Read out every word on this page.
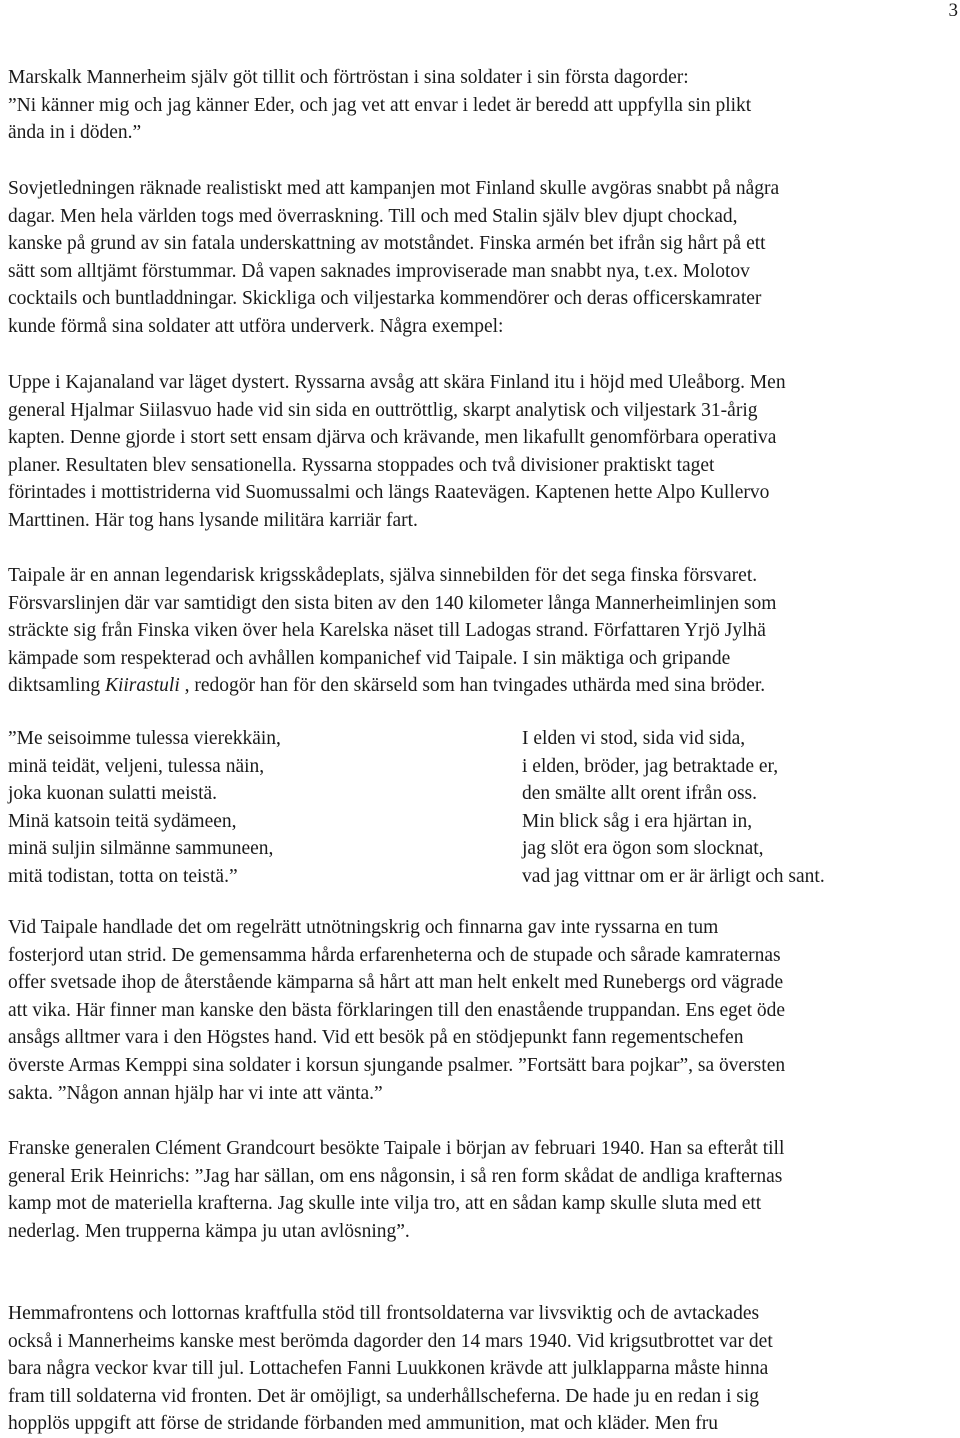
3
Marskalk Mannerheim själv göt tillit och förtröstan i sina soldater i sin första dagorder:
”Ni känner mig och jag känner Eder, och jag vet att envar i ledet är beredd att uppfylla sin plikt
ända in i döden.”
Sovjetledningen räknade realistiskt med att kampanjen mot Finland skulle avgöras snabbt på några
dagar. Men hela världen togs med överraskning. Till och med Stalin själv blev djupt chockad,
kanske på grund av sin fatala underskattning av motståndet. Finska armén bet ifrån sig hårt på ett
sätt som alltjämt förstummar. Då vapen saknades improviserade man snabbt nya, t.ex. Molotov
cocktails och buntladdningar. Skickliga och viljestarka kommendörer och deras officerskamrater
kunde förmå sina soldater att utföra underverk. Några exempel:
Uppe i Kajanaland var läget dystert. Ryssarna avsåg att skära Finland itu i höjd med Uleåborg. Men
general Hjalmar Siilasvuo hade vid sin sida en outtröttlig, skarpt analytisk och viljestark 31-årig
kapten. Denne gjorde i stort sett ensam djärva och krävande, men likafullt genomförbara operativa
planer. Resultaten blev sensationella. Ryssarna stoppades och två divisioner praktiskt taget
förintades i mottistriderna vid Suomussalmi och längs Raatevägen. Kaptenen hette Alpo Kullervo
Marttinen. Här tog hans lysande militära karriär fart.
Taipale är en annan legendarisk krigsskådeplats, själva sinnebilden för det sega finska försvaret.
Försvarslinjen där var samtidigt den sista biten av den 140 kilometer långa Mannerheimlinjen som
sträckte sig från Finska viken över hela Karelska näset till Ladogas strand. Författaren Yrjö Jylhä
kämpade som respekterad och avhållen kompanichef vid Taipale. I sin mäktiga och gripande
diktsamling Kiirastuli , redogör han för den skärseld som han tvingades uthärda med sina bröder.
”Me seisoimme tulessa vierekkäin,
minä teidät, veljeni, tulessa näin,
joka kuonan sulatti meistä.
Minä katsoin teitä sydämeen,
minä suljin silmänne sammuneen,
mitä todistan, totta on teistä.”
I elden vi stod, sida vid sida,
i elden, bröder, jag betraktade er,
den smälte allt orent ifrån oss.
Min blick såg i era hjärtan in,
jag slöt era ögon som slocknat,
vad jag vittnar om er är ärligt och sant.
Vid Taipale handlade det om regelrätt utnötningskrig och finnarna gav inte ryssarna en tum
fosterjord utan strid. De gemensamma hårda erfarenheterna och de stupade och sårade kamraternas
offer svetsade ihop de återstående kämparna så hårt att man helt enkelt med Runebergs ord vägrade
att vika. Här finner man kanske den bästa förklaringen till den enastående truppandan. Ens eget öde
ansågs alltmer vara i den Högstes hand. Vid ett besök på en stödjepunkt fann regementschefen
överste Armas Kemppi sina soldater i korsun sjungande psalmer. ”Fortsätt bara pojkar”, sa översten
sakta. ”Någon annan hjälp har vi inte att vänta.”
Franske generalen Clément Grandcourt besökte Taipale i början av februari 1940. Han sa efteråt till
general Erik Heinrichs: ”Jag har sällan, om ens någonsin, i så ren form skådat de andliga krafternas
kamp mot de materiella krafterna. Jag skulle inte vilja tro, att en sådan kamp skulle sluta med ett
nederlag. Men trupperna kämpa ju utan avlösning”.
Hemmafrontens och lottornas kraftfulla stöd till frontsoldaterna var livsviktig och de avtackades
också i Mannerheims kanske mest berömda dagorder den 14 mars 1940. Vid krigsutbrottet var det
bara några veckor kvar till jul. Lottachefen Fanni Luukkonen krävde att julklapparna måste hinna
fram till soldaterna vid fronten. Det är omöjligt, sa underhållscheferna. De hade ju en redan i sig
hopplös uppgift att förse de stridande förbanden med ammunition, mat och kläder. Men fru
